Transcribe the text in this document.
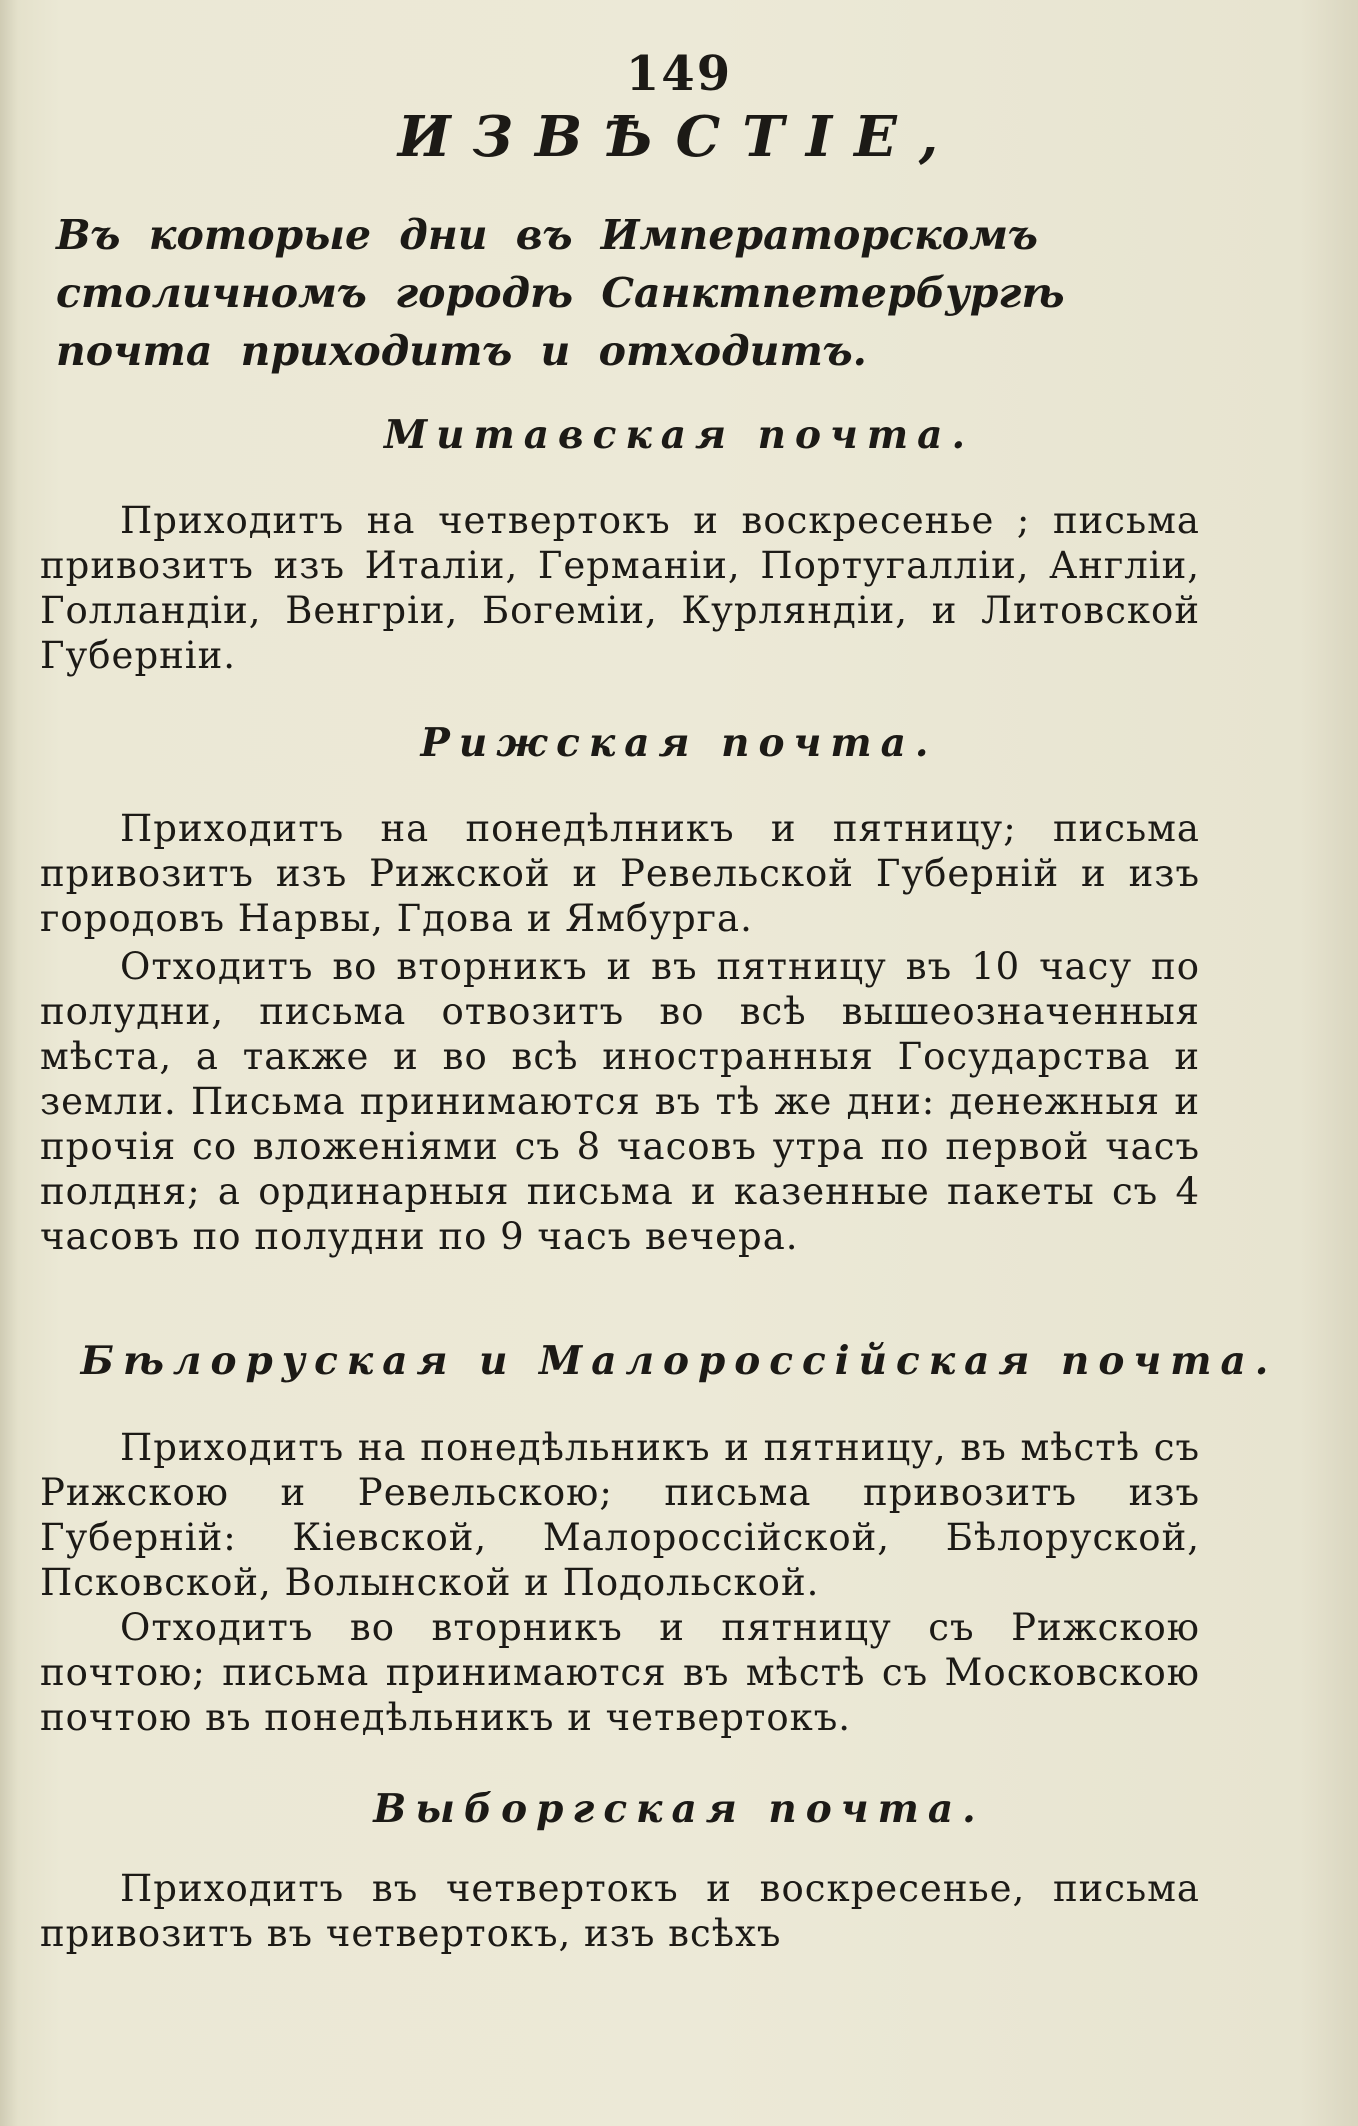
149
ИЗВѢСТІЕ,
Въ которые дни въ Императорскомъ столичномъ городѣ Санктпетербургѣ почта приходитъ и отходитъ.
Митавская почта.
Приходитъ на четвертокъ и воскресенье ; письма привозитъ изъ Италіи, Германіи, Португалліи, Англіи, Голландіи, Венгріи, Богеміи, Курляндіи, и Литовской Губерніи.
Рижская почта.
Приходитъ на понедѣлникъ и пятницу; письма привозитъ изъ Рижской и Ревельской Губерній и изъ городовъ Нарвы, Гдова и Ямбурга.
Отходитъ во вторникъ и въ пятницу въ 10 часу по полудни, письма отвозитъ во всѣ вышеозначенныя мѣста, а также и во всѣ иностранныя Государства и земли. Письма принимаются въ тѣ же дни: денежныя и прочія со вложеніями съ 8 часовъ утра по первой часъ полдня; а ординарныя письма и казенные пакеты съ 4 часовъ по полудни по 9 часъ вечера.
Бѣлоруская и Малороссійская почта.
Приходитъ на понедѣльникъ и пятницу, въ мѣстѣ съ Рижскою и Ревельскою; письма привозитъ изъ Губерній: Кіевской, Малороссійской, Бѣлорускoй, Псковской, Волынской и Подольской.
Отходитъ во вторникъ и пятницу съ Рижскою почтою; письма принимаются въ мѣстѣ съ Московскою почтою въ понедѣльникъ и четвертокъ.
Выборгская почта.
Приходитъ въ четвертокъ и воскресенье, письма привозитъ въ четвертокъ, изъ всѣхъ
